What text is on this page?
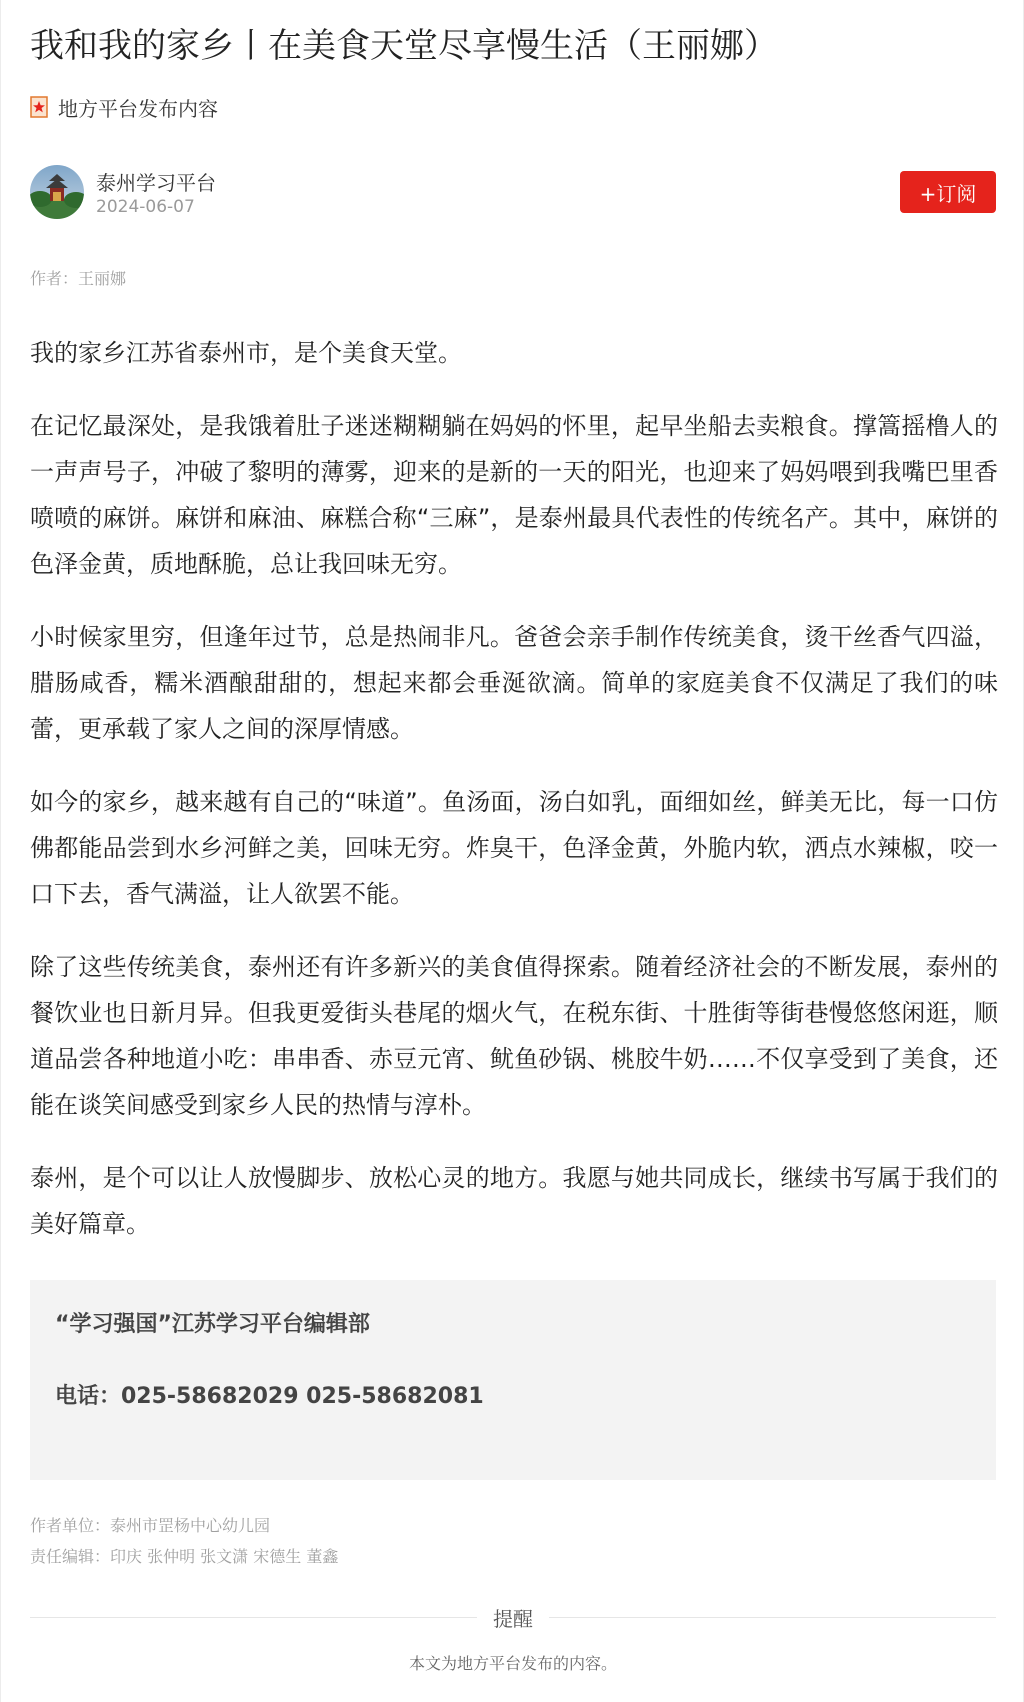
我和我的家乡丨在美食天堂尽享慢生活（王丽娜）
地方平台发布内容
泰州学习平台
2024-06-07
+订阅
作者：王丽娜

我的家乡江苏省泰州市，是个美食天堂。

在记忆最深处，是我饿着肚子迷迷糊糊躺在妈妈的怀里，起早坐船去卖粮食。撑篙摇橹人的一声声号子，冲破了黎明的薄雾，迎来的是新的一天的阳光，也迎来了妈妈喂到我嘴巴里香喷喷的麻饼。麻饼和麻油、麻糕合称“三麻”，是泰州最具代表性的传统名产。其中，麻饼的色泽金黄，质地酥脆，总让我回味无穷。

小时候家里穷，但逢年过节，总是热闹非凡。爸爸会亲手制作传统美食，烫干丝香气四溢，腊肠咸香，糯米酒酿甜甜的，想起来都会垂涎欲滴。简单的家庭美食不仅满足了我们的味蕾，更承载了家人之间的深厚情感。

如今的家乡，越来越有自己的“味道”。鱼汤面，汤白如乳，面细如丝，鲜美无比，每一口仿佛都能品尝到水乡河鲜之美，回味无穷。炸臭干，色泽金黄，外脆内软，洒点水辣椒，咬一口下去，香气满溢，让人欲罢不能。

除了这些传统美食，泰州还有许多新兴的美食值得探索。随着经济社会的不断发展，泰州的餐饮业也日新月异。但我更爱街头巷尾的烟火气，在税东街、十胜街等街巷慢悠悠闲逛，顺道品尝各种地道小吃：串串香、赤豆元宵、鱿鱼砂锅、桃胶牛奶……不仅享受到了美食，还能在谈笑间感受到家乡人民的热情与淳朴。

泰州，是个可以让人放慢脚步、放松心灵的地方。我愿与她共同成长，继续书写属于我们的美好篇章。

“学习强国”江苏学习平台编辑部
电话：025-58682029 025-58682081
作者单位：泰州市罡杨中心幼儿园
责任编辑：印庆 张仲明 张文潇 宋德生 董鑫
提醒
本文为地方平台发布的内容。
